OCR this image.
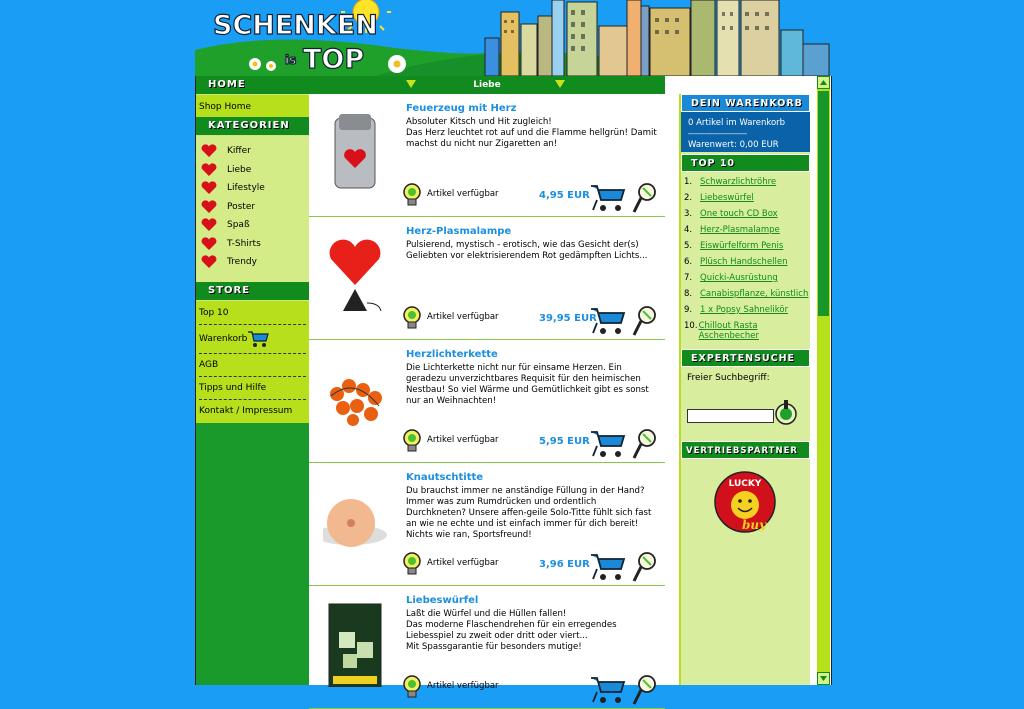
SCHENKEN
is TOP
HOME
Shop Home
KATEGORIEN
Kiffer
Liebe
Lifestyle
Poster
Spaß
T-Shirts
Trendy
STORE
Top 10
Warenkorb
AGB
Tipps und Hilfe
Kontakt / Impressum
Liebe
Feuerzeug mit Herz
Absoluter Kitsch und Hit zugleich!
Das Herz leuchtet rot auf und die Flamme hellgrün! Damit machst du nicht nur Zigaretten an!
Artikel verfügbar	4,95 EUR
Herz-Plasmalampe
Pulsierend, mystisch - erotisch, wie das Gesicht der(s) Geliebten vor elektrisierendem Rot gedämpften Lichts...
Artikel verfügbar	39,95 EUR
Herzlichterkette
Die Lichterkette nicht nur für einsame Herzen. Ein geradezu unverzichtbares Requisit für den heimischen Nestbau! So viel Wärme und Gemütlichkeit gibt es sonst nur an Weihnachten!
Artikel verfügbar	5,95 EUR
Knautschtitte
Du brauchst immer ne anständige Füllung in der Hand? Immer was zum Rumdrücken und ordentlich Durchkneten? Unsere affen-geile Solo-Titte fühlt sich fast an wie ne echte und ist einfach immer für dich bereit! Nichts wie ran, Sportsfreund!
Artikel verfügbar	3,96 EUR
Liebeswürfel
Laßt die Würfel und die Hüllen fallen!
Das moderne Flaschendrehen für ein erregendes Liebesspiel zu zweit oder dritt oder viert...
Mit Spassgarantie für besonders mutige!
Artikel verfügbar
DEIN WARENKORB
0 Artikel im Warenkorb
-----------------------------
Warenwert: 0,00 EUR
TOP 10
1. Schwarzlichtröhre
2. Liebeswürfel
3. One touch CD Box
4. Herz-Plasmalampe
5. Eiswürfelform Penis
6. Plüsch Handschellen
7. Quicki-Ausrüstung
8. Canabispflanze, künstlich
9. 1 x Popsy Sahnelikör
10. Chillout Rasta Aschenbecher
EXPERTENSUCHE
Freier Suchbegriff:
VERTRIEBSPARTNER
LUCKY
buy
